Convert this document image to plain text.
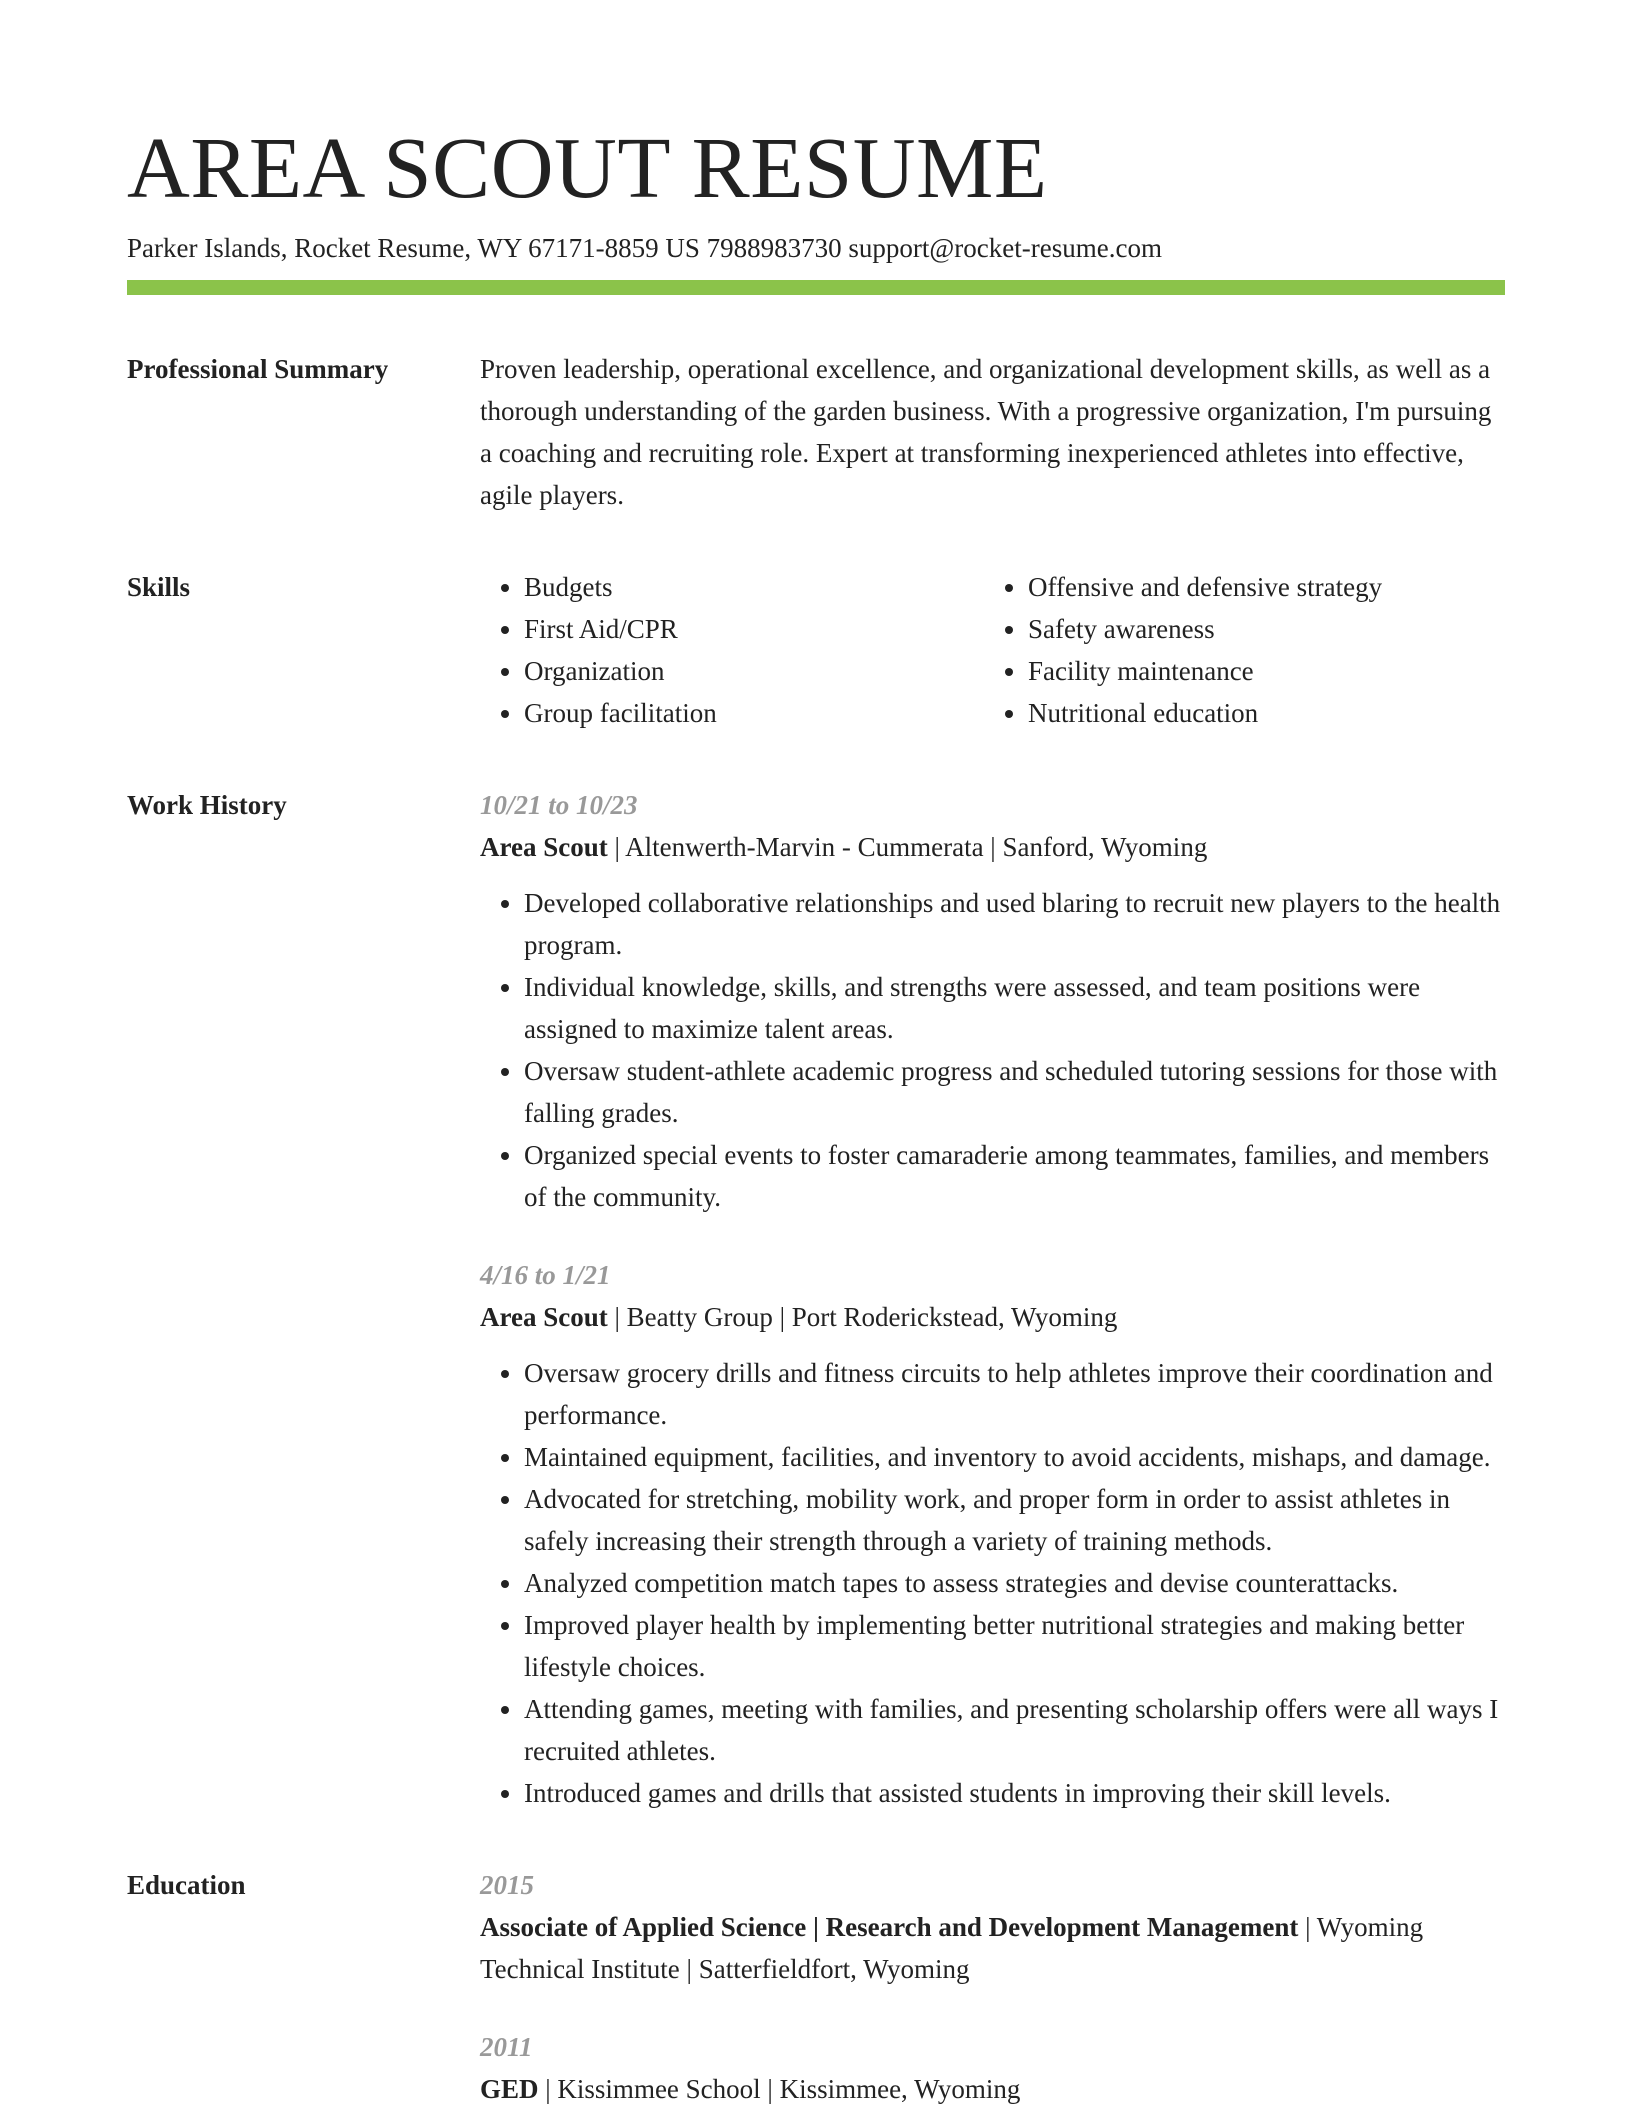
AREA SCOUT RESUME
Parker Islands, Rocket Resume, WY 67171-8859 US 7988983730 support@rocket-resume.com
Professional Summary	Proven leadership, operational excellence, and organizational development skills, as well as a thorough understanding of the garden business. With a progressive organization, I'm pursuing a coaching and recruiting role. Expert at transforming inexperienced athletes into effective, agile players.

Skills
•	Budgets
• First Aid/CPR
• Organization
• Group facilitation
• Offensive and defensive strategy
• Safety awareness
• Facility maintenance
• Nutritional education
Work History	10/21 to 10/23
Area Scout | Altenwerth-Marvin - Cummerata | Sanford, Wyoming
• Developed collaborative relationships and used blaring to recruit new players to the health program.
• Individual knowledge, skills, and strengths were assessed, and team positions were assigned to maximize talent areas.
• Oversaw student-athlete academic progress and scheduled tutoring sessions for those with falling grades.
• Organized special events to foster camaraderie among teammates, families, and members of the community.
4/16 to 1/21
Area Scout | Beatty Group | Port Roderickstead, Wyoming
• Oversaw grocery drills and fitness circuits to help athletes improve their coordination and performance.
• Maintained equipment, facilities, and inventory to avoid accidents, mishaps, and damage.
• Advocated for stretching, mobility work, and proper form in order to assist athletes in safely increasing their strength through a variety of training methods.
• Analyzed competition match tapes to assess strategies and devise counterattacks.
• Improved player health by implementing better nutritional strategies and making better lifestyle choices.
• Attending games, meeting with families, and presenting scholarship offers were all ways I recruited athletes.
• Introduced games and drills that assisted students in improving their skill levels.
Education	2015
Associate of Applied Science | Research and Development Management | Wyoming Technical Institute | Satterfieldfort, Wyoming
2011
GED | Kissimmee School | Kissimmee, Wyoming
